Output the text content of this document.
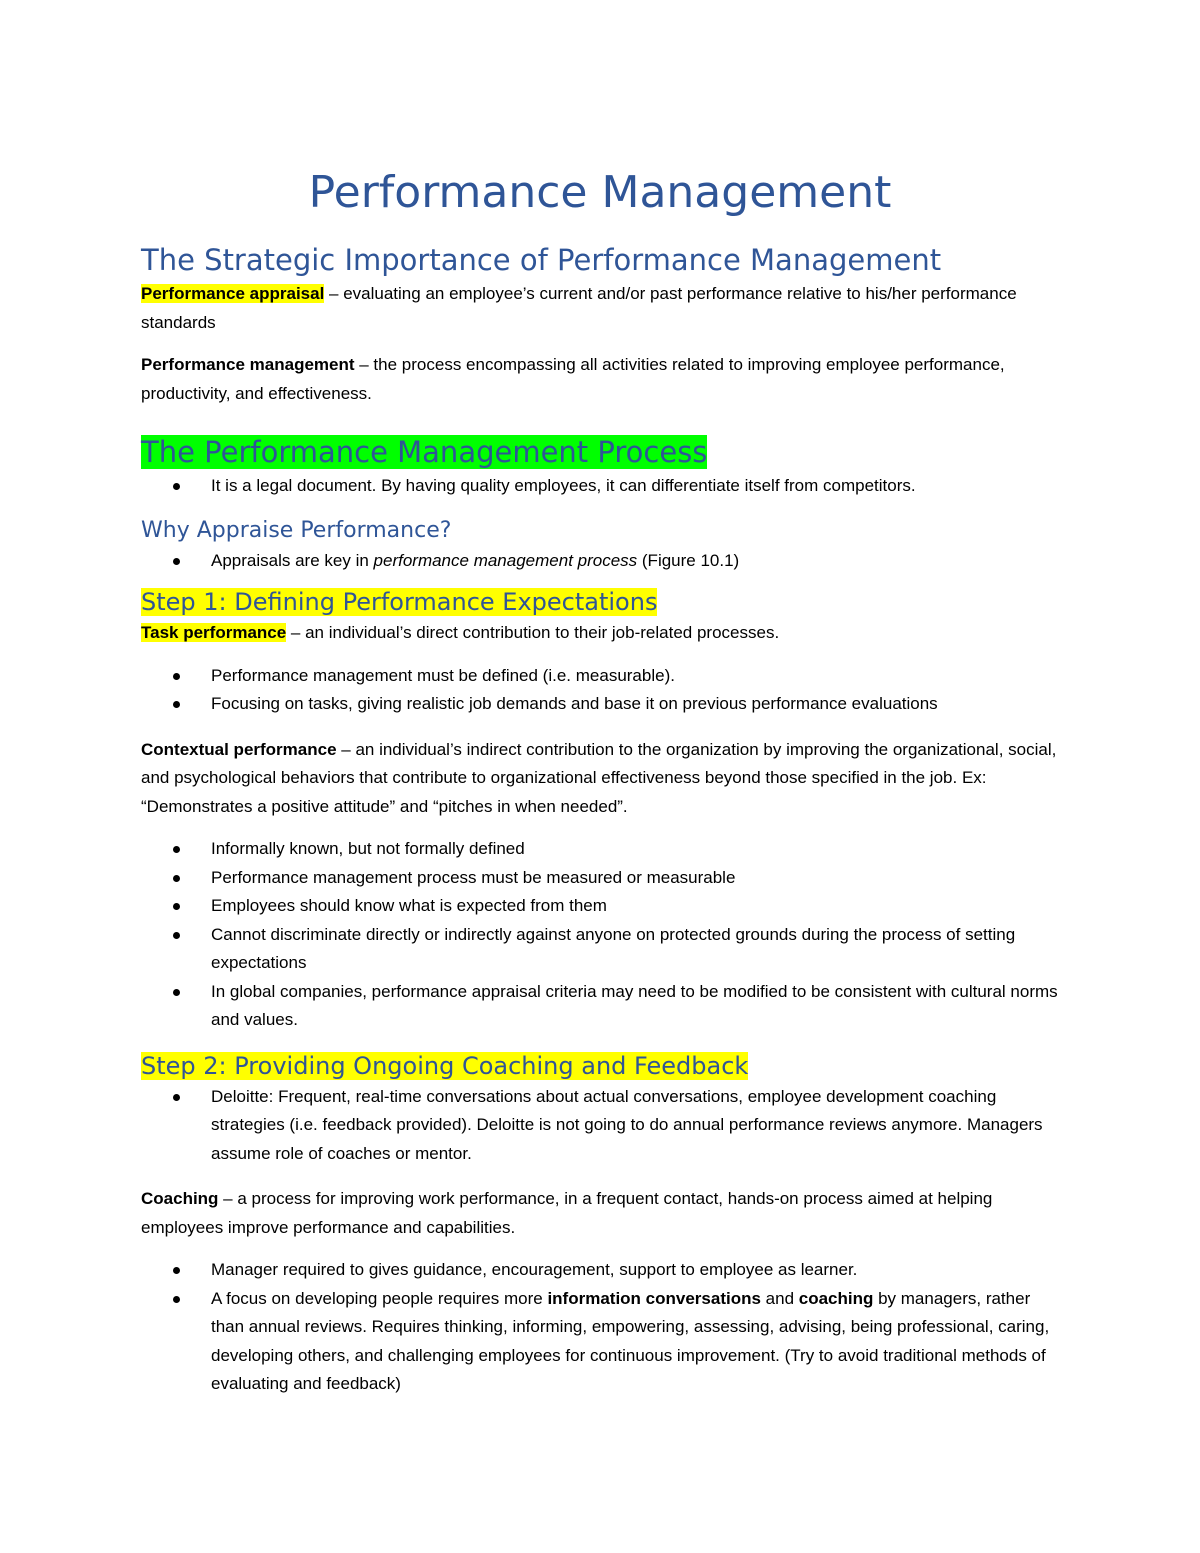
Performance Management
The Strategic Importance of Performance Management

Performance appraisal – evaluating an employee’s current and/or past performance relative to his/her performance standards

Performance management – the process encompassing all activities related to improving employee performance, productivity, and effectiveness.

The Performance Management Process
It is a legal document. By having quality employees, it can differentiate itself from competitors.
Why Appraise Performance?
Appraisals are key in performance management process (Figure 10.1)
Step 1: Defining Performance Expectations

Task performance – an individual’s direct contribution to their job-related processes.

Performance management must be defined (i.e. measurable).
Focusing on tasks, giving realistic job demands and base it on previous performance evaluations

Contextual performance – an individual’s indirect contribution to the organization by improving the organizational, social, and psychological behaviors that contribute to organizational effectiveness beyond those specified in the job. Ex: “Demonstrates a positive attitude” and “pitches in when needed”.

Informally known, but not formally defined
Performance management process must be measured or measurable
Employees should know what is expected from them
Cannot discriminate directly or indirectly against anyone on protected grounds during the process of setting expectations
In global companies, performance appraisal criteria may need to be modified to be consistent with cultural norms and values.
Step 2: Providing Ongoing Coaching and Feedback
Deloitte: Frequent, real-time conversations about actual conversations, employee development coaching strategies (i.e. feedback provided). Deloitte is not going to do annual performance reviews anymore. Managers assume role of coaches or mentor.

Coaching – a process for improving work performance, in a frequent contact, hands-on process aimed at helping employees improve performance and capabilities.

Manager required to gives guidance, encouragement, support to employee as learner.
A focus on developing people requires more information conversations and coaching by managers, rather than annual reviews. Requires thinking, informing, empowering, assessing, advising, being professional, caring, developing others, and challenging employees for continuous improvement. (Try to avoid traditional methods of evaluating and feedback)
